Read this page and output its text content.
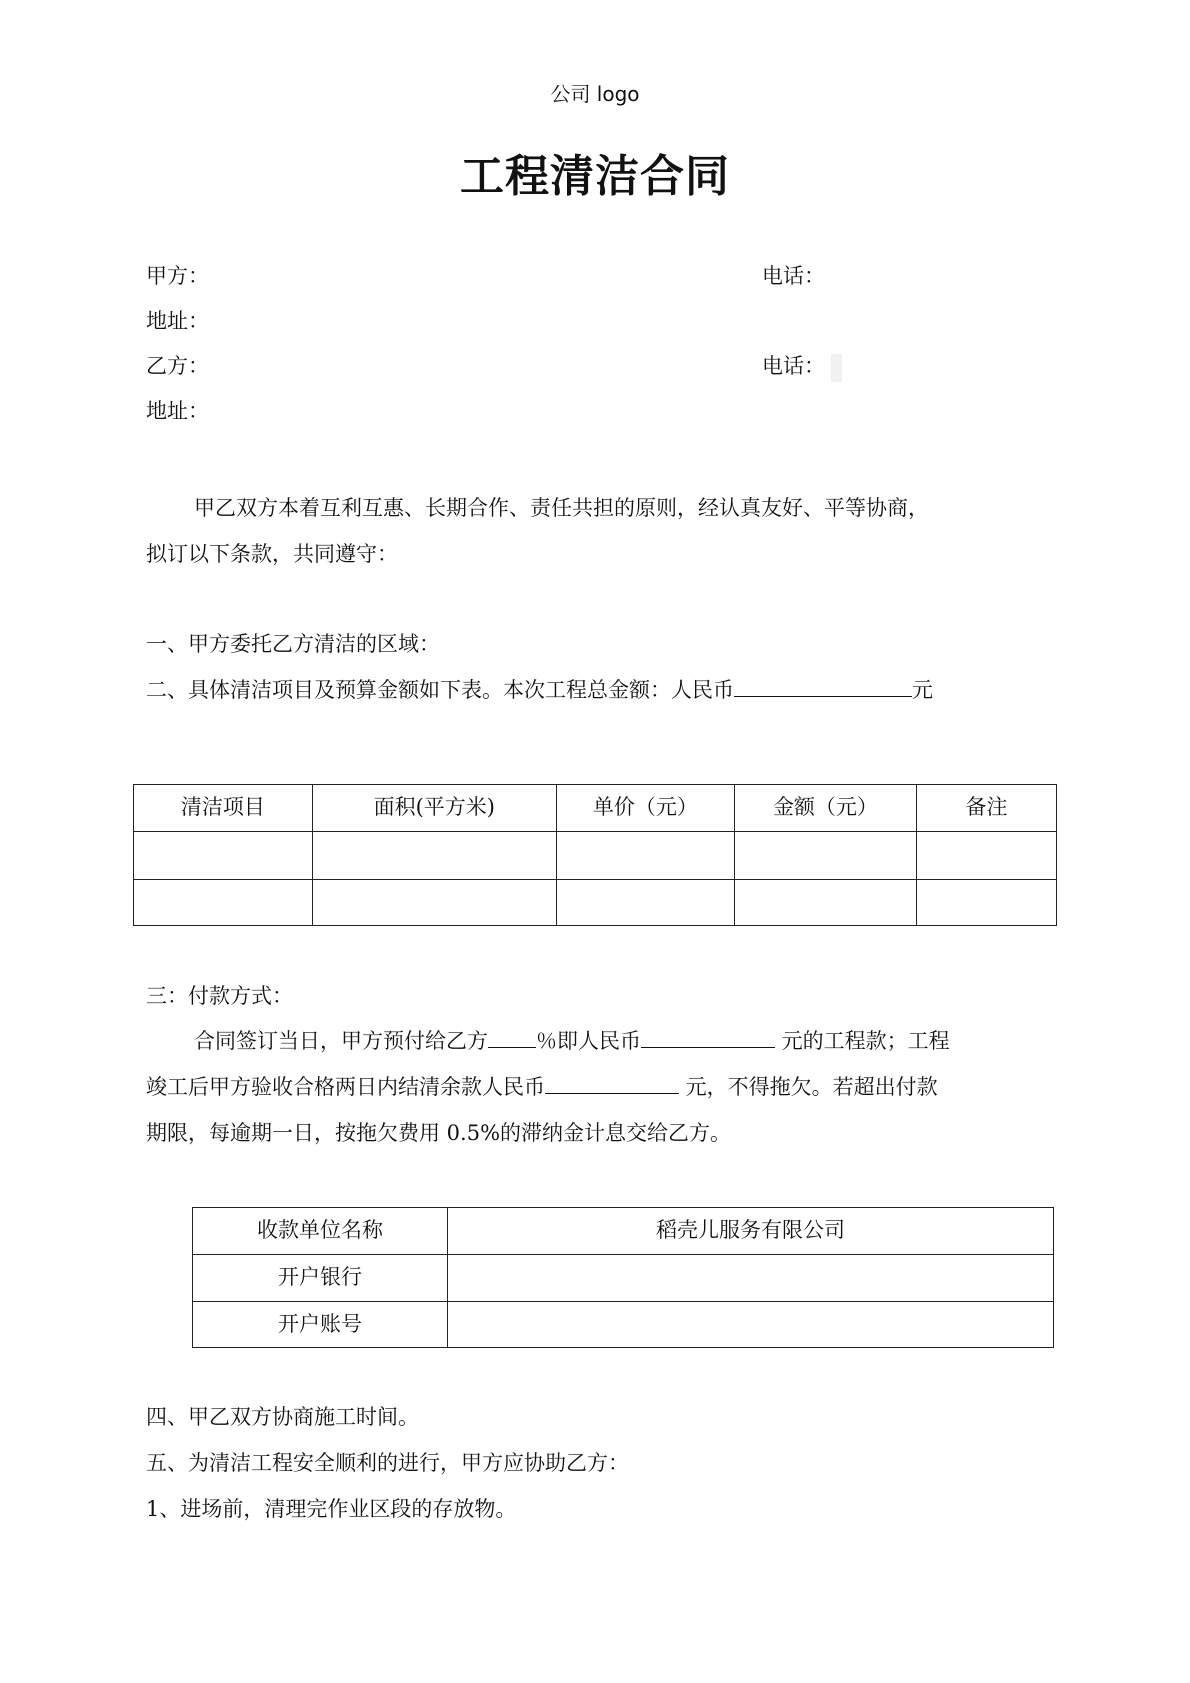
公司 logo
工程清洁合同
甲方：	电话：
地址：
乙方：	电话：
地址：
甲乙双方本着互利互惠、长期合作、责任共担的原则，经认真友好、平等协商，
拟订以下条款，共同遵守：
一、甲方委托乙方清洁的区域：
二、具体清洁项目及预算金额如下表。本次工程总金额：人民币	元
清洁项目	面积(平方米)	单价（元）	金额（元）	备注

三：付款方式：
合同签订当日，甲方预付给乙方 ％即人民币	元的工程款；工程
竣工后甲方验收合格两日内结清余款人民币	元，不得拖欠。若超出付款
期限，每逾期一日，按拖欠费用 0.5%的滞纳金计息交给乙方。
收款单位名称	稻壳儿服务有限公司
开户银行	
开户账号	
四、甲乙双方协商施工时间。
五、为清洁工程安全顺利的进行，甲方应协助乙方：
1、进场前，清理完作业区段的存放物。
